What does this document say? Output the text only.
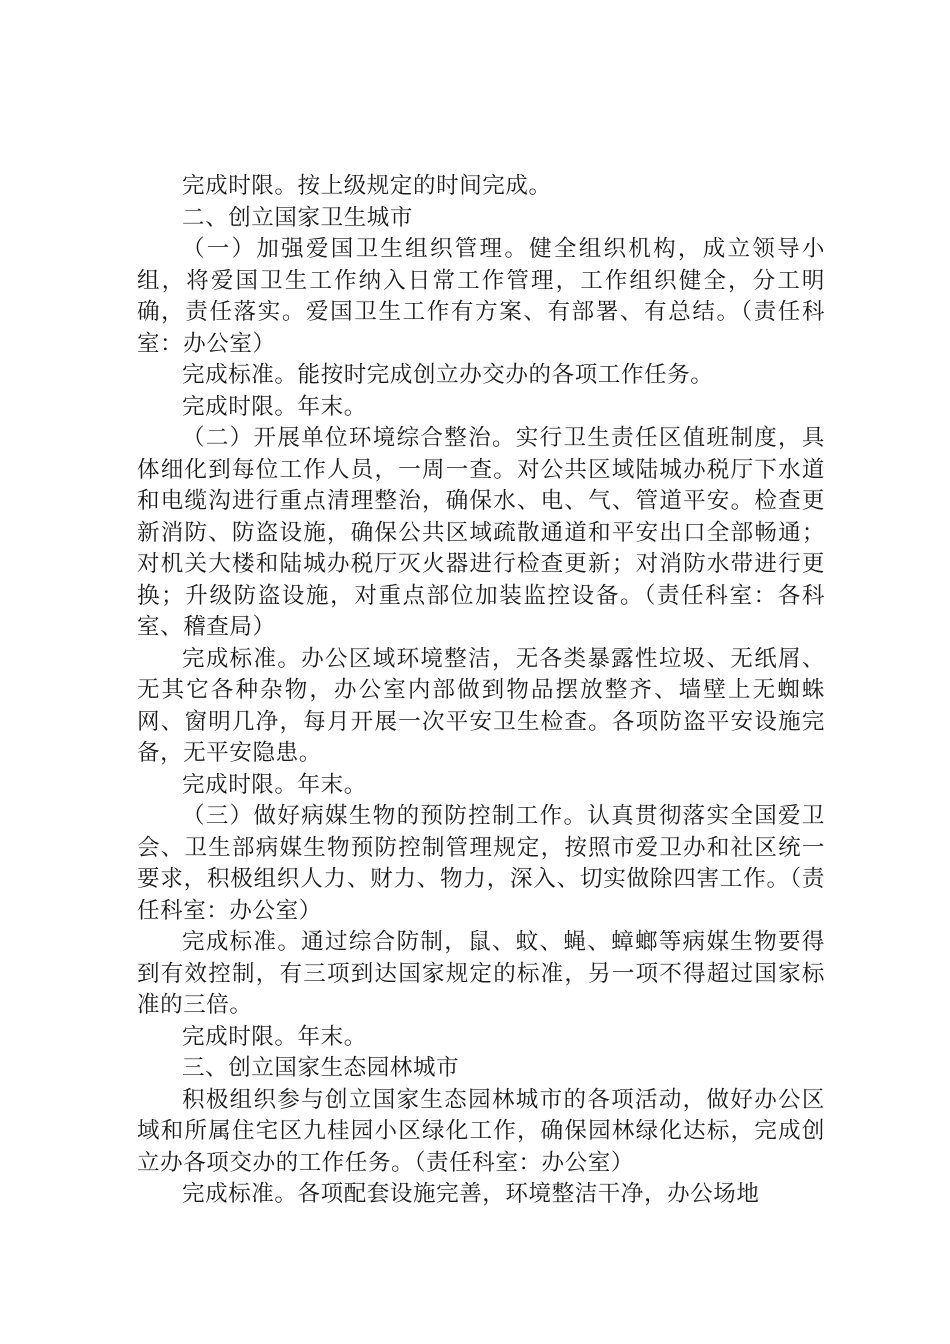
完成时限。按上级规定的时间完成。

二、创立国家卫生城市

（一）加强爱国卫生组织管理。健全组织机构，成立领导小组，将爱国卫生工作纳入日常工作管理，工作组织健全，分工明确，责任落实。爱国卫生工作有方案、有部署、有总结。（责任科室：办公室）

完成标准。能按时完成创立办交办的各项工作任务。

完成时限。年末。

（二）开展单位环境综合整治。实行卫生责任区值班制度，具体细化到每位工作人员，一周一查。对公共区域陆城办税厅下水道和电缆沟进行重点清理整治，确保水、电、气、管道平安。检查更新消防、防盗设施，确保公共区域疏散通道和平安出口全部畅通；对机关大楼和陆城办税厅灭火器进行检查更新；对消防水带进行更换；升级防盗设施，对重点部位加装监控设备。（责任科室：各科室、稽查局）

完成标准。办公区域环境整洁，无各类暴露性垃圾、无纸屑、无其它各种杂物，办公室内部做到物品摆放整齐、墙壁上无蜘蛛网、窗明几净，每月开展一次平安卫生检查。各项防盗平安设施完备，无平安隐患。

完成时限。年末。

（三）做好病媒生物的预防控制工作。认真贯彻落实全国爱卫会、卫生部病媒生物预防控制管理规定，按照市爱卫办和社区统一要求，积极组织人力、财力、物力，深入、切实做除四害工作。（责任科室：办公室）

完成标准。通过综合防制，鼠、蚊、蝇、蟑螂等病媒生物要得到有效控制，有三项到达国家规定的标准，另一项不得超过国家标准的三倍。

完成时限。年末。

三、创立国家生态园林城市

积极组织参与创立国家生态园林城市的各项活动，做好办公区域和所属住宅区九桂园小区绿化工作，确保园林绿化达标，完成创立办各项交办的工作任务。（责任科室：办公室）

完成标准。各项配套设施完善，环境整洁干净，办公场地
